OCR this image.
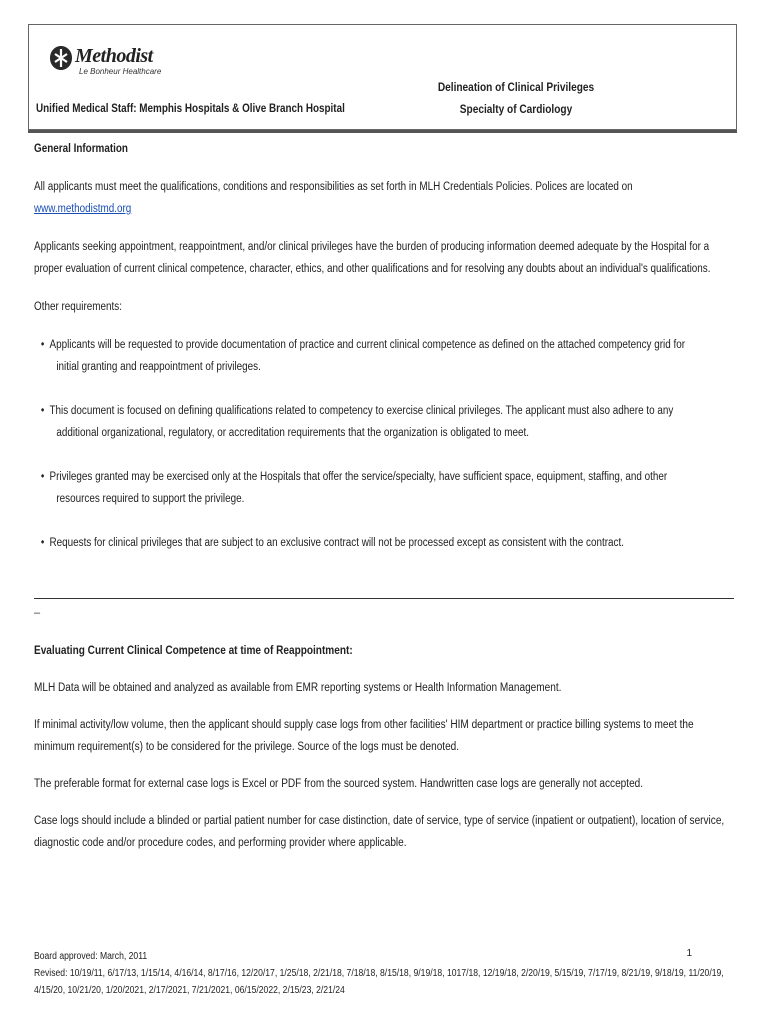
Methodist
Le Bonheur Healthcare
Unified Medical Staff: Memphis Hospitals & Olive Branch Hospital
Delineation of Clinical Privileges
Specialty of Cardiology

General Information

All applicants must meet the qualifications, conditions and responsibilities as set forth in MLH Credentials Policies. Polices are located on
www.methodistmd.org

Applicants seeking appointment, reappointment, and/or clinical privileges have the burden of producing information deemed adequate by the Hospital for a proper evaluation of current clinical competence, character, ethics, and other qualifications and for resolving any doubts about an individual's qualifications.

Other requirements:

• Applicants will be requested to provide documentation of practice and current clinical competence as defined on the attached competency grid for
initial granting and reappointment of privileges.
• This document is focused on defining qualifications related to competency to exercise clinical privileges. The applicant must also adhere to any
additional organizational, regulatory, or accreditation requirements that the organization is obligated to meet.
• Privileges granted may be exercised only at the Hospitals that offer the service/specialty, have sufficient space, equipment, staffing, and other
resources required to support the privilege.
• Requests for clinical privileges that are subject to an exclusive contract will not be processed except as consistent with the contract.
–

Evaluating Current Clinical Competence at time of Reappointment:

MLH Data will be obtained and analyzed as available from EMR reporting systems or Health Information Management.

If minimal activity/low volume, then the applicant should supply case logs from other facilities' HIM department or practice billing systems to meet the minimum requirement(s) to be considered for the privilege. Source of the logs must be denoted.

The preferable format for external case logs is Excel or PDF from the sourced system. Handwritten case logs are generally not accepted.

Case logs should include a blinded or partial patient number for case distinction, date of service, type of service (inpatient or outpatient), location of service, diagnostic code and/or procedure codes, and performing provider where applicable.

Board approved: March, 2011
Revised: 10/19/11, 6/17/13, 1/15/14, 4/16/14, 8/17/16, 12/20/17, 1/25/18, 2/21/18, 7/18/18, 8/15/18, 9/19/18, 1017/18, 12/19/18, 2/20/19, 5/15/19, 7/17/19, 8/21/19, 9/18/19, 11/20/19, 4/15/20, 10/21/20, 1/20/2021, 2/17/2021, 7/21/2021, 06/15/2022, 2/15/23, 2/21/24
1
